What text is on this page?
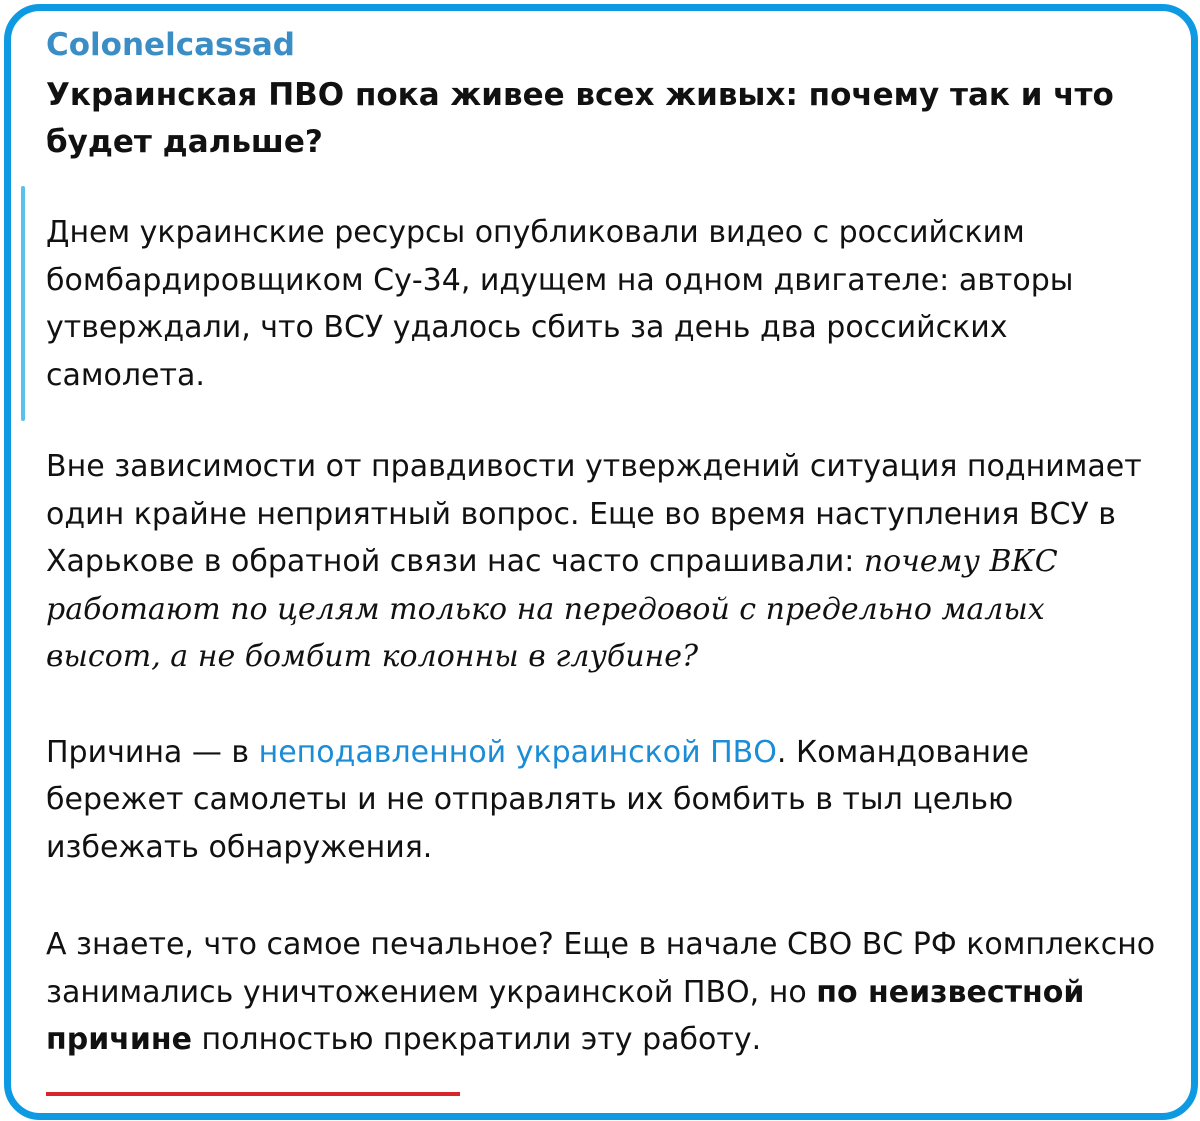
Colonelcassad
Украинская ПВО пока живее всех живых: почему так и что будет дальше?
Днем украинские ресурсы опубликовали видео с российским бомбардировщиком Су-34, идущем на одном двигателе: авторы утверждали, что ВСУ удалось сбить за день два российских самолета.
Вне зависимости от правдивости утверждений ситуация поднимает один крайне неприятный вопрос. Еще во время наступления ВСУ в Харькове в обратной связи нас часто спрашивали: почему ВКС работают по целям только на передовой с предельно малых высот, а не бомбит колонны в глубине?
Причина — в неподавленной украинской ПВО. Командование бережет самолеты и не отправлять их бомбить в тыл целью избежать обнаружения.
А знаете, что самое печальное? Еще в начале СВО ВС РФ комплексно занимались уничтожением украинской ПВО, но по неизвестной причине полностью прекратили эту работу.
